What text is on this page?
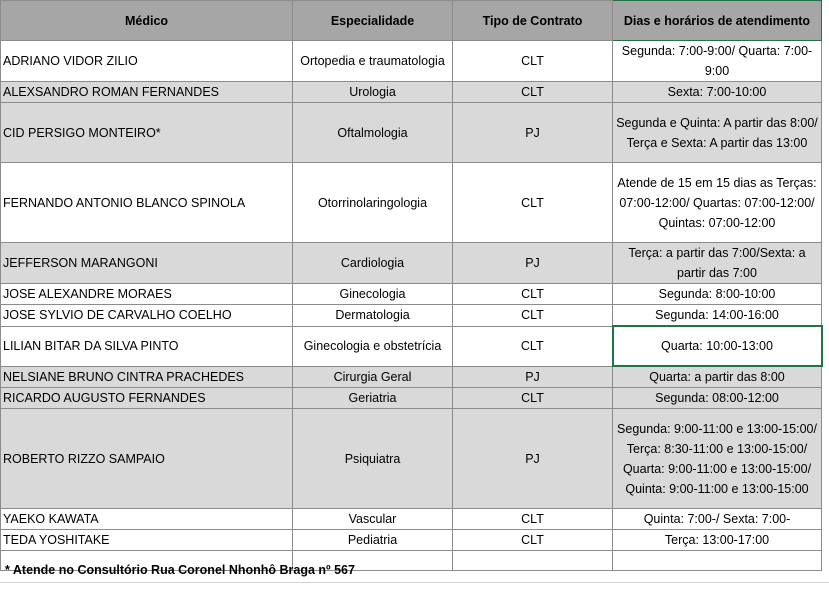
Médico	Especialidade	Tipo de Contrato	Dias e horários de atendimento
ADRIANO VIDOR ZILIO	Ortopedia e traumatologia	CLT	Segunda: 7:00-9:00/ Quarta: 7:00-9:00
ALEXSANDRO ROMAN FERNANDES	Urologia	CLT	Sexta: 7:00-10:00
CID PERSIGO MONTEIRO*	Oftalmologia	PJ	Segunda e Quinta: A partir das 8:00/ Terça e Sexta: A partir das 13:00
FERNANDO ANTONIO BLANCO SPINOLA	Otorrinolaringologia	CLT	Atende de 15 em 15 dias as Terças: 07:00-12:00/ Quartas: 07:00-12:00/ Quintas: 07:00-12:00
JEFFERSON MARANGONI	Cardiologia	PJ	Terça: a partir das 7:00/Sexta: a partir das 7:00
JOSE ALEXANDRE MORAES	Ginecologia	CLT	Segunda: 8:00-10:00
JOSE SYLVIO DE CARVALHO COELHO	Dermatologia	CLT	Segunda: 14:00-16:00
LILIAN BITAR DA SILVA PINTO	Ginecologia e obstetrícia	CLT	Quarta: 10:00-13:00
NELSIANE BRUNO CINTRA PRACHEDES	Cirurgia Geral	PJ	Quarta: a partir das 8:00
RICARDO AUGUSTO FERNANDES	Geriatria	CLT	Segunda: 08:00-12:00
ROBERTO RIZZO SAMPAIO	Psiquiatra	PJ	Segunda: 9:00-11:00 e 13:00-15:00/ Terça: 8:30-11:00 e 13:00-15:00/ Quarta: 9:00-11:00 e 13:00-15:00/ Quinta: 9:00-11:00 e 13:00-15:00
YAEKO KAWATA	Vascular	CLT	Quinta: 7:00-/ Sexta: 7:00-
TEDA YOSHITAKE	Pediatria	CLT	Terça: 13:00-17:00

* Atende no Consultório Rua Coronel Nhonhô Braga nº 567
